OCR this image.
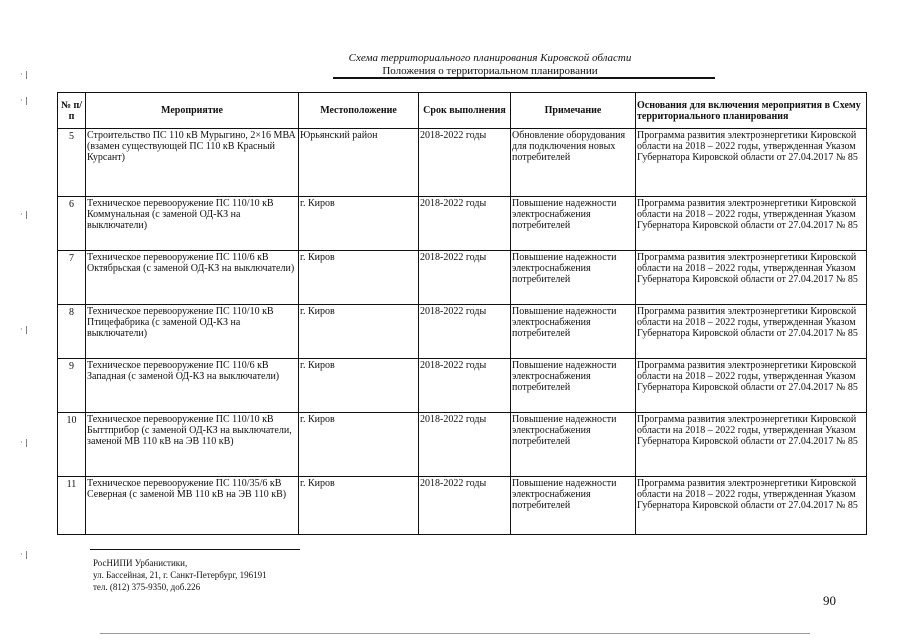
Схема территориального планирования Кировской области
Положения о территориальном планировании
· |
· |
· |
· |
· |
· |
№ п/п	Мероприятие	Местоположение	Срок выполнения	Примечание	Основания для включения мероприятия в Схему территориального планирования
5	Строительство ПС 110 кВ Мурыгино, 2×16 МВА (взамен существующей ПС 110 кВ Красный Курсант)	Юрьянский район	2018-2022 годы	Обновление оборудования для подключения новых потребителей	Программа развития электроэнергетики Кировской области на 2018 – 2022 годы, утвержденная Указом Губернатора Кировской области от 27.04.2017 № 85
6	Техническое перевооружение ПС 110/10 кВ Коммунальная (с заменой ОД-КЗ на выключатели)	г. Киров	2018-2022 годы	Повышение надежности электроснабжения потребителей	Программа развития электроэнергетики Кировской области на 2018 – 2022 годы, утвержденная Указом Губернатора Кировской области от 27.04.2017 № 85
7	Техническое перевооружение ПС 110/6 кВ Октябрьская (с заменой ОД-КЗ на выключатели)	г. Киров	2018-2022 годы	Повышение надежности электроснабжения потребителей	Программа развития электроэнергетики Кировской области на 2018 – 2022 годы, утвержденная Указом Губернатора Кировской области от 27.04.2017 № 85
8	Техническое перевооружение ПС 110/10 кВ Птицефабрика (с заменой ОД-КЗ на выключатели)	г. Киров	2018-2022 годы	Повышение надежности электроснабжения потребителей	Программа развития электроэнергетики Кировской области на 2018 – 2022 годы, утвержденная Указом Губернатора Кировской области от 27.04.2017 № 85
9	Техническое перевооружение ПС 110/6 кВ Западная (с заменой ОД-КЗ на выключатели)	г. Киров	2018-2022 годы	Повышение надежности электроснабжения потребителей	Программа развития электроэнергетики Кировской области на 2018 – 2022 годы, утвержденная Указом Губернатора Кировской области от 27.04.2017 № 85
10	Техническое перевооружение ПС 110/10 кВ Быттприбор (с заменой ОД-КЗ на выключатели, заменой МВ 110 кВ на ЭВ 110 кВ)	г. Киров	2018-2022 годы	Повышение надежности электроснабжения потребителей	Программа развития электроэнергетики Кировской области на 2018 – 2022 годы, утвержденная Указом Губернатора Кировской области от 27.04.2017 № 85
11	Техническое перевооружение ПС 110/35/6 кВ Северная (с заменой МВ 110 кВ на ЭВ 110 кВ)	г. Киров	2018-2022 годы	Повышение надежности электроснабжения потребителей	Программа развития электроэнергетики Кировской области на 2018 – 2022 годы, утвержденная Указом Губернатора Кировской области от 27.04.2017 № 85
РосНИПИ Урбанистики,
ул. Бассейная, 21, г. Санкт-Петербург, 196191
тел. (812) 375-9350, доб.226
90
